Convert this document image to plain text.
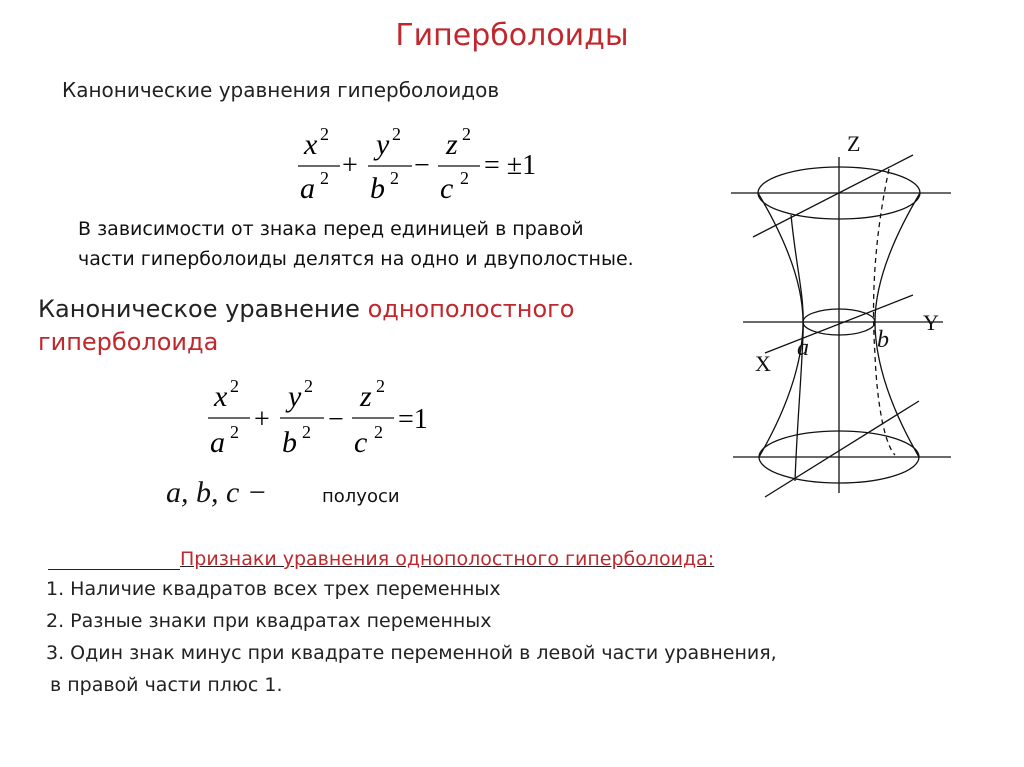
Гиперболоиды
Канонические уравнения гиперболоидов
x 2
a 2 +
y 2
b 2 −
z 2
c 2 = ±1
В зависимости от знака перед единицей в правой
части гиперболоиды делятся на одно и двуполостные.
Каноническое уравнение однополостного
гиперболоида
x 2
a 2 +
y 2
b 2 −
z 2
c 2 =1
a, b, c −	полуоси
Признаки уравнения однополостного гиперболоида:
1. Наличие квадратов всех трех переменных
2. Разные знаки при квадратах переменных
3. Один знак минус при квадрате переменной в левой части уравнения,
в правой части плюс 1.
Z
Y
X
a	b
